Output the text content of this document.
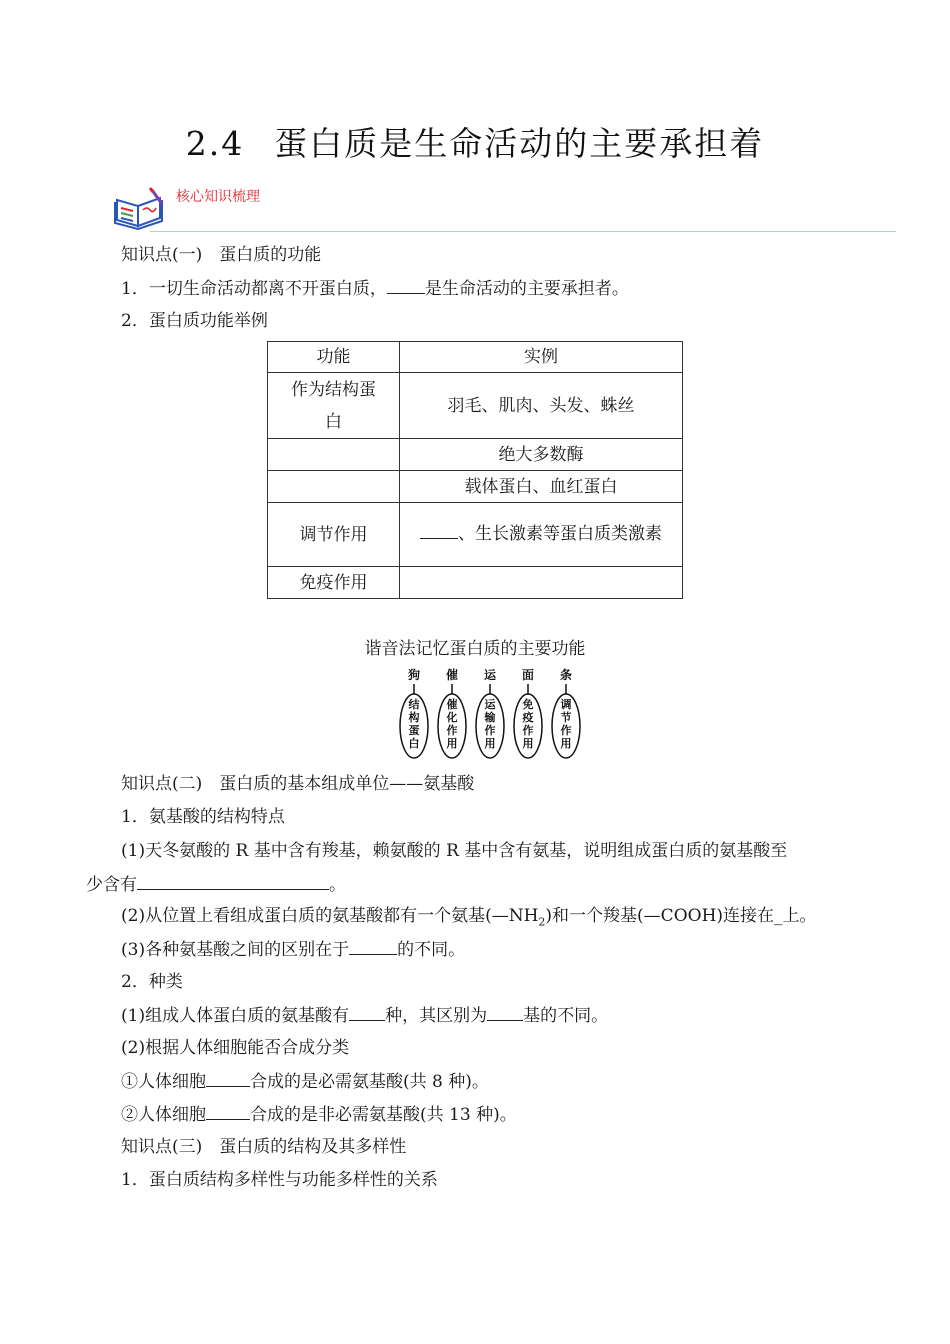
2.4 蛋白质是生命活动的主要承担着
核心知识梳理
知识点(一)　蛋白质的功能
1．一切生命活动都离不开蛋白质， 是生命活动的主要承担者。
2．蛋白质功能举例
功能	实例

作为结构蛋白	羽毛、肌肉、头发、蛛丝
	绝大多数酶
	载体蛋白、血红蛋白
调节作用	、生长激素等蛋白质类激素

免疫作用	
谐音法记忆蛋白质的主要功能
狗
结构蛋白
催
催化作用
运
运输作用
面
免疫作用
条
调节作用
知识点(二)　蛋白质的基本组成单位——氨基酸
1．氨基酸的结构特点
(1)天冬氨酸的 R 基中含有羧基，赖氨酸的 R 基中含有氨基，说明组成蛋白质的氨基酸至
少含有	。
(2)从位置上看组成蛋白质的氨基酸都有一个氨基$(—NH_2)$和一个羧基(—COOH)连接在_上。
(3)各种氨基酸之间的区别在于	的不同。
2．种类
(1)组成人体蛋白质的氨基酸有 种，其区别为 基的不同。
(2)根据人体细胞能否合成分类
①人体细胞	合成的是必需氨基酸(共 8 种)。
②人体细胞	合成的是非必需氨基酸(共 13 种)。
知识点(三)　蛋白质的结构及其多样性
1．蛋白质结构多样性与功能多样性的关系
